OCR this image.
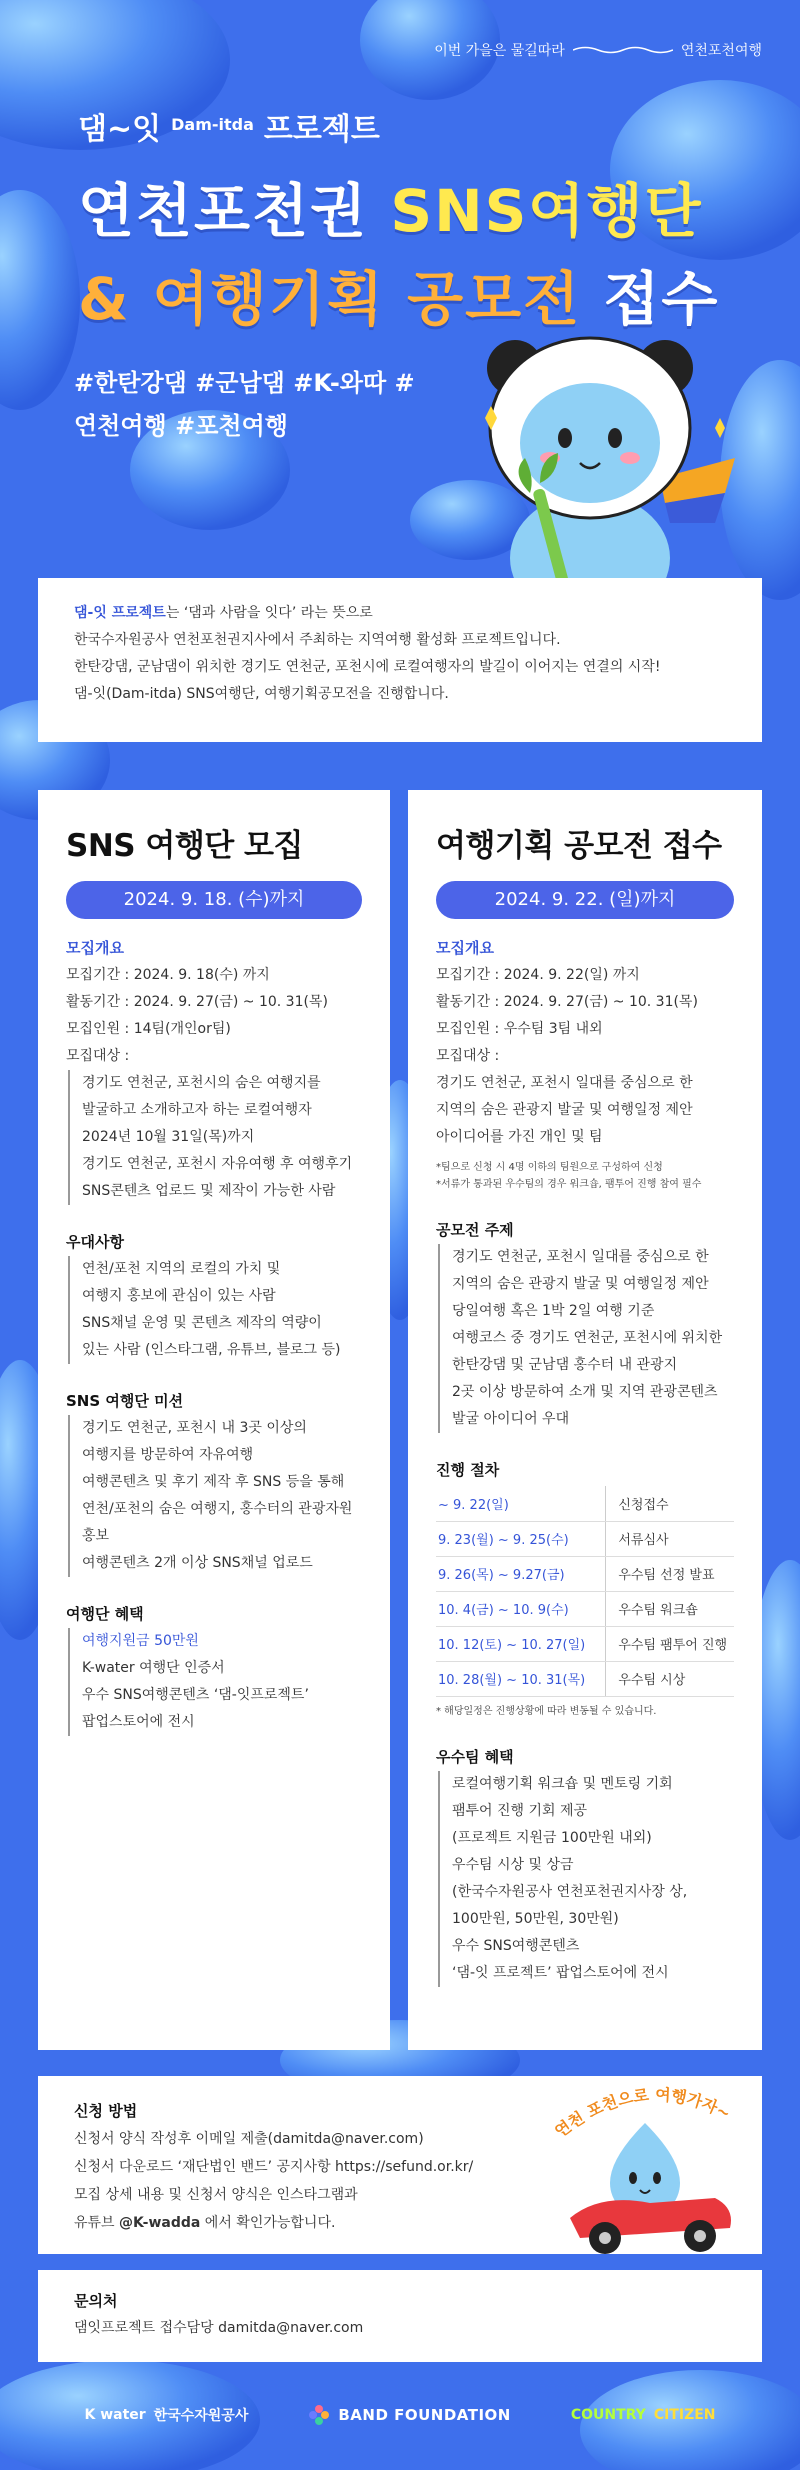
이번 가을은 물길따라	연천포천여행
댐~잇 Dam-itda 프로젝트
연천포천권 SNS여행단
& 여행기획 공모전 접수
#한탄강댐 #군남댐 #K-와따 #연천여행 #포천여행
댐-잇 프로젝트는 ‘댐과 사람을 잇다’ 라는 뜻으로
한국수자원공사 연천포천권지사에서 주최하는 지역여행 활성화 프로젝트입니다.
한탄강댐, 군남댐이 위치한 경기도 연천군, 포천시에 로컬여행자의 발길이 이어지는 연결의 시작!
댐-잇(Dam-itda) SNS여행단, 여행기획공모전을 진행합니다.
SNS 여행단 모집
2024. 9. 18. (수)까지
모집개요
모집기간 : 2024. 9. 18(수) 까지
활동기간 : 2024. 9. 27(금) ~ 10. 31(목)
모집인원 : 14팀(개인or팀)
모집대상 :
경기도 연천군, 포천시의 숨은 여행지를
발굴하고 소개하고자 하는 로컬여행자
2024년 10월 31일(목)까지
경기도 연천군, 포천시 자유여행 후 여행후기
SNS콘텐츠 업로드 및 제작이 가능한 사람
우대사항
연천/포천 지역의 로컬의 가치 및
여행지 홍보에 관심이 있는 사람
SNS채널 운영 및 콘텐츠 제작의 역량이
있는 사람 (인스타그램, 유튜브, 블로그 등)
SNS 여행단 미션
경기도 연천군, 포천시 내 3곳 이상의
여행지를 방문하여 자유여행
여행콘텐츠 및 후기 제작 후 SNS 등을 통해
연천/포천의 숨은 여행지, 홍수터의 관광자원
홍보
여행콘텐츠 2개 이상 SNS채널 업로드
여행단 혜택
여행지원금 50만원
K-water 여행단 인증서
우수 SNS여행콘텐츠 ‘댐-잇프로젝트’
팝업스토어에 전시
여행기획 공모전 접수
2024. 9. 22. (일)까지
모집개요
모집기간 : 2024. 9. 22(일) 까지
활동기간 : 2024. 9. 27(금) ~ 10. 31(목)
모집인원 : 우수팀 3팀 내외
모집대상 :
경기도 연천군, 포천시 일대를 중심으로 한
지역의 숨은 관광지 발굴 및 여행일정 제안
아이디어를 가진 개인 및 팀
*팀으로 신청 시 4명 이하의 팀원으로 구성하여 신청
*서류가 통과된 우수팀의 경우 워크숍, 팸투어 진행 참여 필수
공모전 주제
경기도 연천군, 포천시 일대를 중심으로 한
지역의 숨은 관광지 발굴 및 여행일정 제안
당일여행 혹은 1박 2일 여행 기준
여행코스 중 경기도 연천군, 포천시에 위치한
한탄강댐 및 군남댐 홍수터 내 관광지
2곳 이상 방문하여 소개 및 지역 관광콘텐츠
발굴 아이디어 우대
진행 절차
~ 9. 22(일)	신청접수
9. 23(월) ~ 9. 25(수)	서류심사
9. 26(목) ~ 9.27(금)	우수팀 선정 발표
10. 4(금) ~ 10. 9(수)	우수팀 워크숍
10. 12(토) ~ 10. 27(일)	우수팀 팸투어 진행
10. 28(월) ~ 10. 31(목)	우수팀 시상
* 해당일정은 진행상황에 따라 변동될 수 있습니다.
우수팀 혜택
로컬여행기획 워크숍 및 멘토링 기회
팸투어 진행 기회 제공
(프로젝트 지원금 100만원 내외)
우수팀 시상 및 상금
(한국수자원공사 연천포천권지사장 상,
100만원, 50만원, 30만원)
우수 SNS여행콘텐츠
‘댐-잇 프로젝트’ 팝업스토어에 전시
신청 방법
신청서 양식 작성후 이메일 제출(damitda@naver.com)
신청서 다운로드 ‘재단법인 밴드’ 공지사항 https://sefund.or.kr/
모집 상세 내용 및 신청서 양식은 인스타그램과
유튜브 @K-wadda 에서 확인가능합니다.
연천 포천으로 여행가자~
문의처
댐잇프로젝트 접수담당 damitda@naver.com
K water 한국수자원공사	BAND FOUNDATION	COUNTRY CITIZEN
